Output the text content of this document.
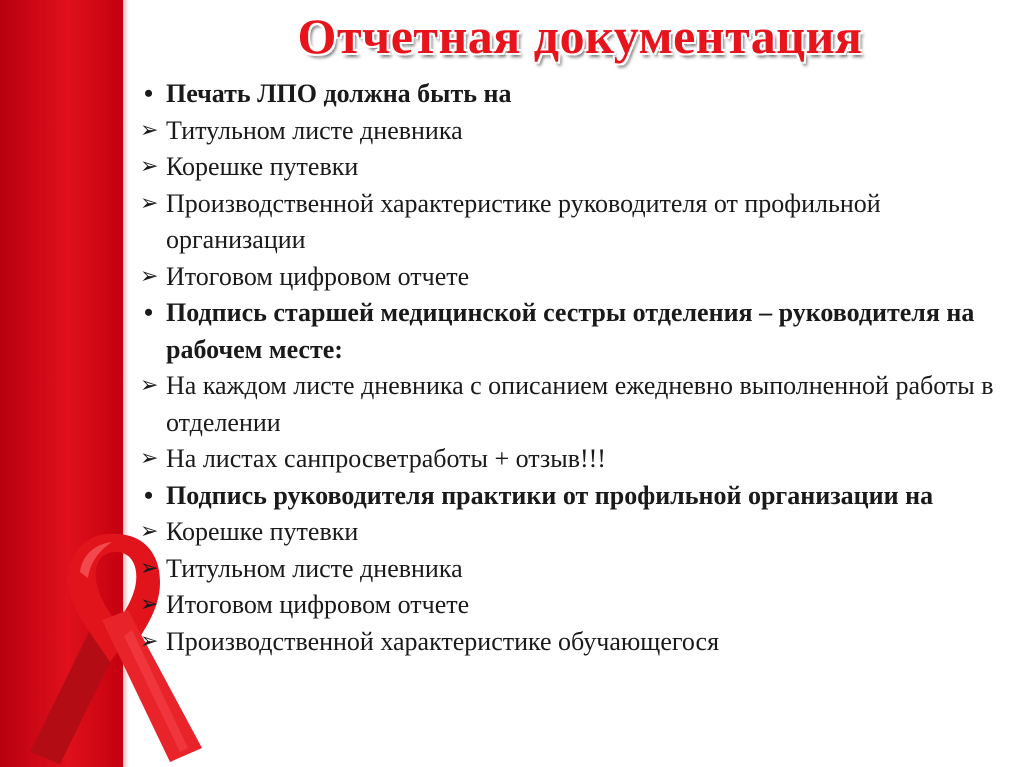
Отчетная документация
• Печать ЛПО должна быть на
➢ Титульном листе дневника
➢ Корешке путевки
➢ Производственной характеристике руководителя от профильной организации
➢ Итоговом цифровом отчете
• Подпись старшей медицинской сестры отделения – руководителя на рабочем месте:
➢ На каждом листе дневника с описанием ежедневно выполненной работы в отделении
➢ На листах санпросветработы + отзыв!!!
• Подпись руководителя практики от профильной организации на
➢ Корешке путевки
➢ Титульном листе дневника
➢ Итоговом цифровом отчете
➢ Производственной характеристике обучающегося
